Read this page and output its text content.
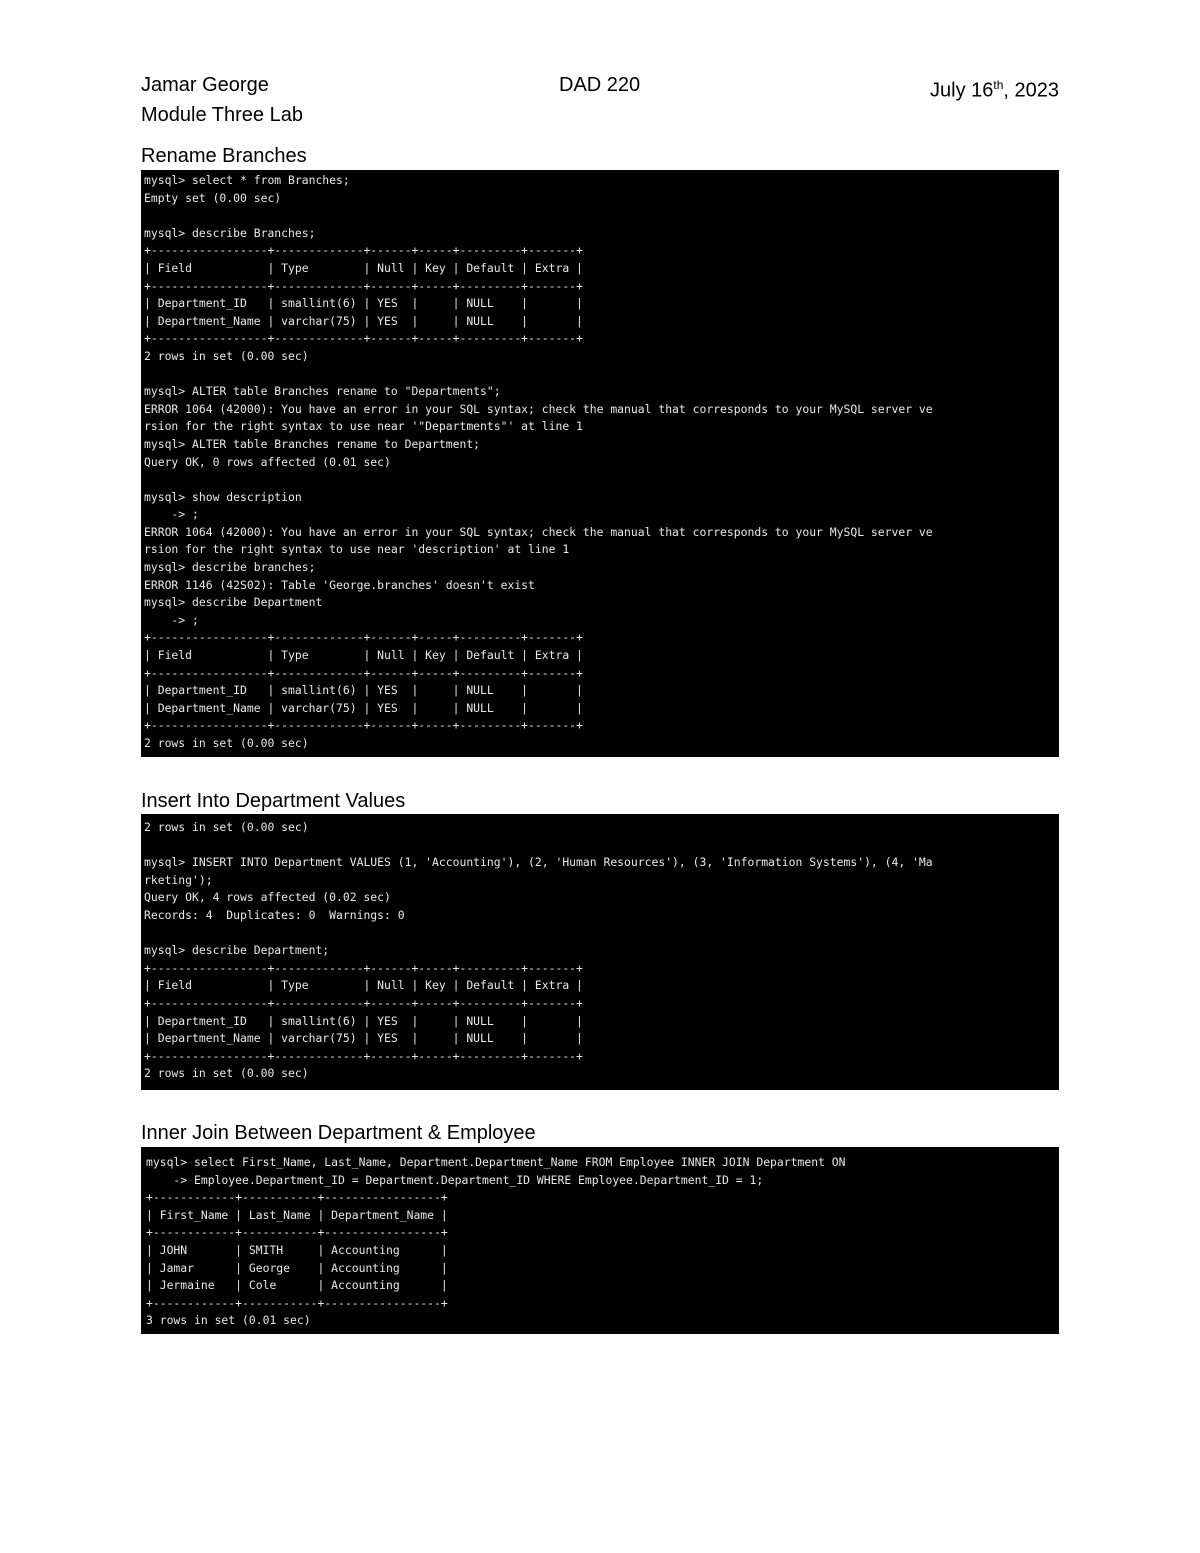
Jamar George	DAD 220	July 16th, 2023
Module Three Lab
Rename Branches
mysql> select * from Branches;
Empty set (0.00 sec)
mysql> describe Branches;
+-----------------+-------------+------+-----+---------+-------+
| Field           | Type        | Null | Key | Default | Extra |
+-----------------+-------------+------+-----+---------+-------+
| Department_ID   | smallint(6) | YES  |     | NULL    |       |
| Department_Name | varchar(75) | YES  |     | NULL    |       |
+-----------------+-------------+------+-----+---------+-------+
2 rows in set (0.00 sec)
mysql> ALTER table Branches rename to "Departments";
ERROR 1064 (42000): You have an error in your SQL syntax; check the manual that corresponds to your MySQL server ve
rsion for the right syntax to use near '"Departments"' at line 1
mysql> ALTER table Branches rename to Department;
Query OK, 0 rows affected (0.01 sec)
mysql> show description
-> ;
ERROR 1064 (42000): You have an error in your SQL syntax; check the manual that corresponds to your MySQL server ve
rsion for the right syntax to use near 'description' at line 1
mysql> describe branches;
ERROR 1146 (42S02): Table 'George.branches' doesn't exist
mysql> describe Department
-> ;
+-----------------+-------------+------+-----+---------+-------+
| Field           | Type        | Null | Key | Default | Extra |
+-----------------+-------------+------+-----+---------+-------+
| Department_ID   | smallint(6) | YES  |     | NULL    |       |
| Department_Name | varchar(75) | YES  |     | NULL    |       |
+-----------------+-------------+------+-----+---------+-------+
2 rows in set (0.00 sec)
Insert Into Department Values
2 rows in set (0.00 sec)
mysql> INSERT INTO Department VALUES (1, 'Accounting'), (2, 'Human Resources'), (3, 'Information Systems'), (4, 'Ma
rketing');
Query OK, 4 rows affected (0.02 sec)
Records: 4  Duplicates: 0  Warnings: 0
mysql> describe Department;
+-----------------+-------------+------+-----+---------+-------+
| Field           | Type        | Null | Key | Default | Extra |
+-----------------+-------------+------+-----+---------+-------+
| Department_ID   | smallint(6) | YES  |     | NULL    |       |
| Department_Name | varchar(75) | YES  |     | NULL    |       |
+-----------------+-------------+------+-----+---------+-------+
2 rows in set (0.00 sec)
Inner Join Between Department & Employee
mysql> select First_Name, Last_Name, Department.Department_Name FROM Employee INNER JOIN Department ON
-> Employee.Department_ID = Department.Department_ID WHERE Employee.Department_ID = 1;
+------------+-----------+-----------------+
| First_Name | Last_Name | Department_Name |
+------------+-----------+-----------------+
| JOHN       | SMITH     | Accounting      |
| Jamar      | George    | Accounting      |
| Jermaine   | Cole      | Accounting      |
+------------+-----------+-----------------+
3 rows in set (0.01 sec)
